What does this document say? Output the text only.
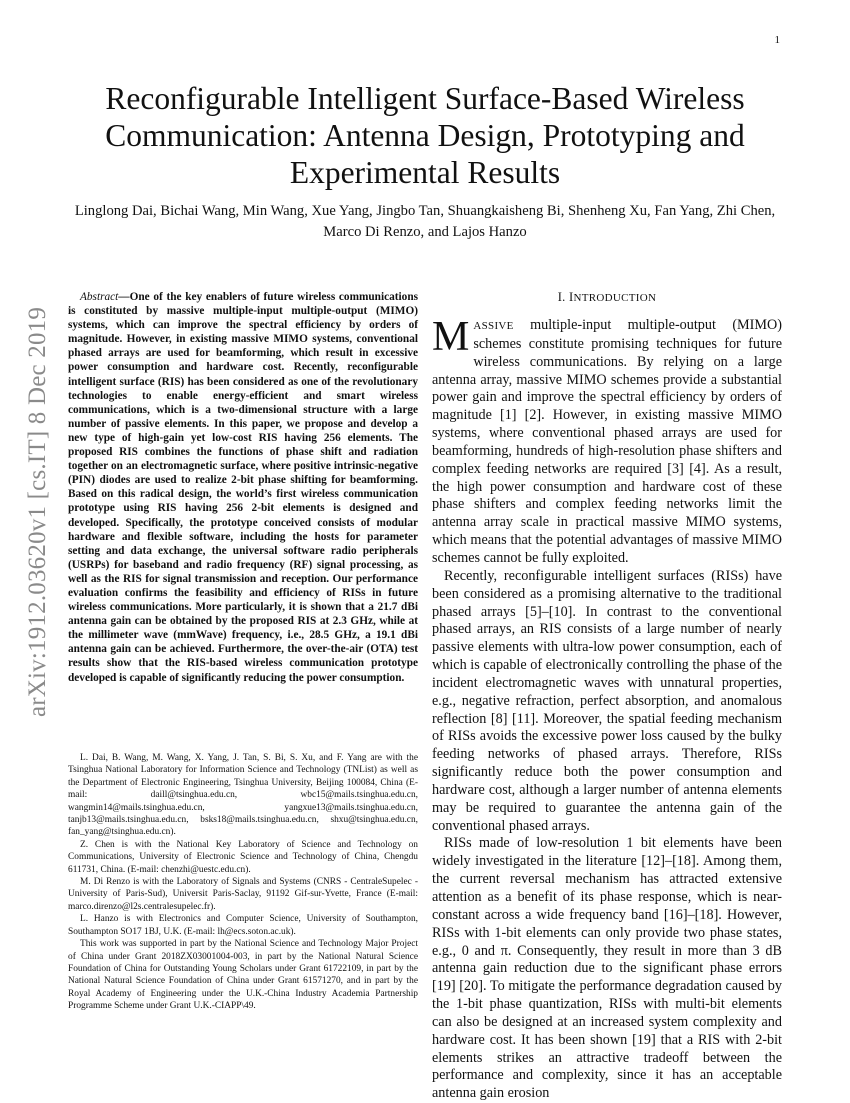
1
arXiv:1912.03620v1 [cs.IT] 8 Dec 2019
Reconfigurable Intelligent Surface-Based Wireless Communication: Antenna Design, Prototyping and Experimental Results

Linglong Dai, Bichai Wang, Min Wang, Xue Yang, Jingbo Tan, Shuangkaisheng Bi, Shenheng Xu, Fan Yang, Zhi Chen, Marco Di Renzo, and Lajos Hanzo

Abstract—One of the key enablers of future wireless communications is constituted by massive multiple-input multiple-output (MIMO) systems, which can improve the spectral efficiency by orders of magnitude. However, in existing massive MIMO systems, conventional phased arrays are used for beamforming, which result in excessive power consumption and hardware cost. Recently, reconfigurable intelligent surface (RIS) has been considered as one of the revolutionary technologies to enable energy-efficient and smart wireless communications, which is a two-dimensional structure with a large number of passive elements. In this paper, we propose and develop a new type of high-gain yet low-cost RIS having 256 elements. The proposed RIS combines the functions of phase shift and radiation together on an electromagnetic surface, where positive intrinsic-negative (PIN) diodes are used to realize 2-bit phase shifting for beamforming. Based on this radical design, the world’s first wireless communication prototype using RIS having 256 2-bit elements is designed and developed. Specifically, the prototype conceived consists of modular hardware and flexible software, including the hosts for parameter setting and data exchange, the universal software radio peripherals (USRPs) for baseband and radio frequency (RF) signal processing, as well as the RIS for signal transmission and reception. Our performance evaluation confirms the feasibility and efficiency of RISs in future wireless communications. More particularly, it is shown that a 21.7 dBi antenna gain can be obtained by the proposed RIS at 2.3 GHz, while at the millimeter wave (mmWave) frequency, i.e., 28.5 GHz, a 19.1 dBi antenna gain can be achieved. Furthermore, the over-the-air (OTA) test results show that the RIS-based wireless communication prototype developed is capable of significantly reducing the power consumption.

L. Dai, B. Wang, M. Wang, X. Yang, J. Tan, S. Bi, S. Xu, and F. Yang are with the Tsinghua National Laboratory for Information Science and Technology (TNList) as well as the Department of Electronic Engineering, Tsinghua University, Beijing 100084, China (E-mail: daill@tsinghua.edu.cn, wbc15@mails.tsinghua.edu.cn, wangmin14@mails.tsinghua.edu.cn, yangxue13@mails.tsinghua.edu.cn, tanjb13@mails.tsinghua.edu.cn, bsks18@mails.tsinghua.edu.cn, shxu@tsinghua.edu.cn, fan_yang@tsinghua.edu.cn).

Z. Chen is with the National Key Laboratory of Science and Technology on Communications, University of Electronic Science and Technology of China, Chengdu 611731, China. (E-mail: chenzhi@uestc.edu.cn).

M. Di Renzo is with the Laboratory of Signals and Systems (CNRS - CentraleSupelec - University of Paris-Sud), Universit Paris-Saclay, 91192 Gif-sur-Yvette, France (E-mail: marco.direnzo@l2s.centralesupelec.fr).

L. Hanzo is with Electronics and Computer Science, University of Southampton, Southampton SO17 1BJ, U.K. (E-mail: lh@ecs.soton.ac.uk).

This work was supported in part by the National Science and Technology Major Project of China under Grant 2018ZX03001004-003, in part by the National Natural Science Foundation of China for Outstanding Young Scholars under Grant 61722109, in part by the National Natural Science Foundation of China under Grant 61571270, and in part by the Royal Academy of Engineering under the U.K.-China Industry Academia Partnership Programme Scheme under Grant U.K.-CIAPP\49.

I. INTRODUCTION

MASSIVE multiple-input multiple-output (MIMO) schemes constitute promising techniques for future wireless communications. By relying on a large antenna array, massive MIMO schemes provide a substantial power gain and improve the spectral efficiency by orders of magnitude [1] [2]. However, in existing massive MIMO systems, where conventional phased arrays are used for beamforming, hundreds of high-resolution phase shifters and complex feeding networks are required [3] [4]. As a result, the high power consumption and hardware cost of these phase shifters and complex feeding networks limit the antenna array scale in practical massive MIMO systems, which means that the potential advantages of massive MIMO schemes cannot be fully exploited.

Recently, reconfigurable intelligent surfaces (RISs) have been considered as a promising alternative to the traditional phased arrays [5]–[10]. In contrast to the conventional phased arrays, an RIS consists of a large number of nearly passive elements with ultra-low power consumption, each of which is capable of electronically controlling the phase of the incident electromagnetic waves with unnatural properties, e.g., negative refraction, perfect absorption, and anomalous reflection [8] [11]. Moreover, the spatial feeding mechanism of RISs avoids the excessive power loss caused by the bulky feeding networks of phased arrays. Therefore, RISs significantly reduce both the power consumption and hardware cost, although a larger number of antenna elements may be required to guarantee the antenna gain of the conventional phased arrays.

RISs made of low-resolution 1 bit elements have been widely investigated in the literature [12]–[18]. Among them, the current reversal mechanism has attracted extensive attention as a benefit of its phase response, which is near-constant across a wide frequency band [16]–[18]. However, RISs with 1-bit elements can only provide two phase states, e.g., 0 and π. Consequently, they result in more than 3 dB antenna gain reduction due to the significant phase errors [19] [20]. To mitigate the performance degradation caused by the 1-bit phase quantization, RISs with multi-bit elements can also be designed at an increased system complexity and hardware cost. It has been shown [19] that a RIS with 2-bit elements strikes an attractive tradeoff between the performance and complexity, since it has an acceptable antenna gain erosion
